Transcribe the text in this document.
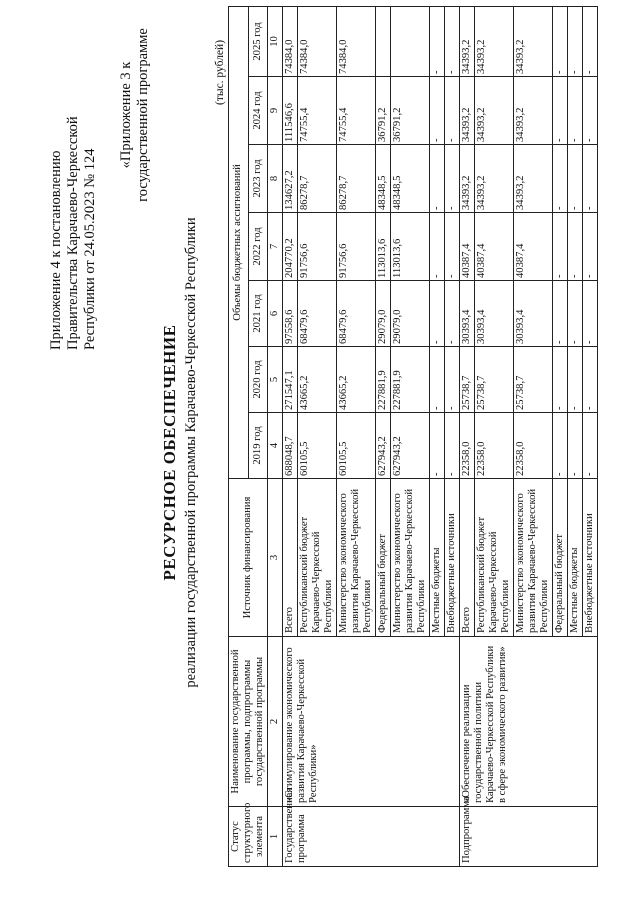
Приложение 4 к постановлению Правительства Карачаево-Черкесской Республики от 24.05.2023 № 124
«Приложение 3 к государственной программе
РЕСУРСНОЕ ОБЕСПЕЧЕНИЕ реализации государственной программы Карачаево-Черкесской Республики
(тыс. рублей)
Статус структурного элемента	Наименование государственной программы, подпрограммы государственной программы	Источник финансирования	Объемы бюджетных ассигнований						
			2019 год	2020 год	2021 год	2022 год	2023 год	2024 год	2025 год
1	2	3	4	5	6	7	8	9	10
Государственная программа	«Стимулирование экономического развития Карачаево-Черкесской Республики»	Всего	688048,7	271547,1	97558,6	204770,2	134627,2	111546,6	74384,0
		Республиканский бюджет Карачаево-Черкесской Республики	60105,5	43665,2	68479,6	91756,6	86278,7	74755,4	74384,0
		Министерство экономического развития Карачаево-Черкесской Республики	60105,5	43665,2	68479,6	91756,6	86278,7	74755,4	74384,0
		Федеральный бюджет	627943,2	227881,9	29079,0	113013,6	48348,5	36791,2	
		Министерство экономического развития Карачаево-Черкесской Республики	627943,2	227881,9	29079,0	113013,6	48348,5	36791,2	
		Местные бюджеты	-	-	-	-	-	-	-
		Внебюджетные источники	-	-	-	-	-	-	-
Подпрограмма	«Обеспечение реализации государственной политики Карачаево-Черкесской Республики в сфере экономического развития»	Всего	22358,0	25738,7	30393,4	40387,4	34393,2	34393,2	34393,2
		Республиканский бюджет Карачаево-Черкесской Республики	22358,0	25738,7	30393,4	40387,4	34393,2	34393,2	34393,2
		Министерство экономического развития Карачаево-Черкесской Республики	22358,0	25738,7	30393,4	40387,4	34393,2	34393,2	34393,2
		Федеральный бюджет	-	-	-	-	-	-	-
		Местные бюджеты	-	-	-	-	-	-	-
		Внебюджетные источники	-	-	-	-	-	-	-
